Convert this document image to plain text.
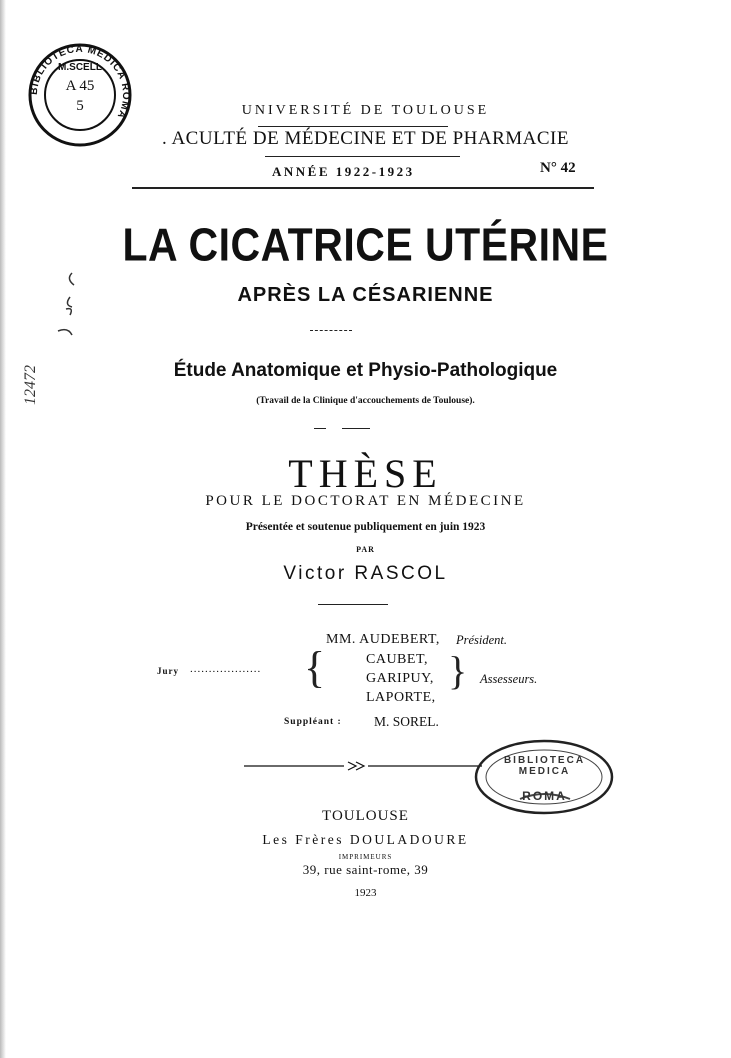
BIBLIOTECA MEDICA ROMA
M.SCELL
A 45
5	UNIVERSITÉ DE TOULOUSE
. ACULTÉ DE MÉDECINE ET DE PHARMACIE
ANNÉE 1922-1923	N° 42
12472
LA CICATRICE UTÉRINE
APRÈS LA CÉSARIENNE
Étude Anatomique et Physio-Pathologique
(Travail de la Clinique d'accouchements de Toulouse).
THÈSE
POUR LE DOCTORAT EN MÉDECINE
Présentée et soutenue publiquement en juin 1923
PAR
Victor RASCOL
Jury ................... {
MM. AUDEBERT, Président.
CAUBET,
GARIPUY,
LAPORTE,
} Assesseurs.
Suppléant : M. SOREL.
BIBLIOTECA MEDICA
ROMA
TOULOUSE
Les Frères DOULADOURE
IMPRIMEURS
39, rue saint-rome, 39
1923
